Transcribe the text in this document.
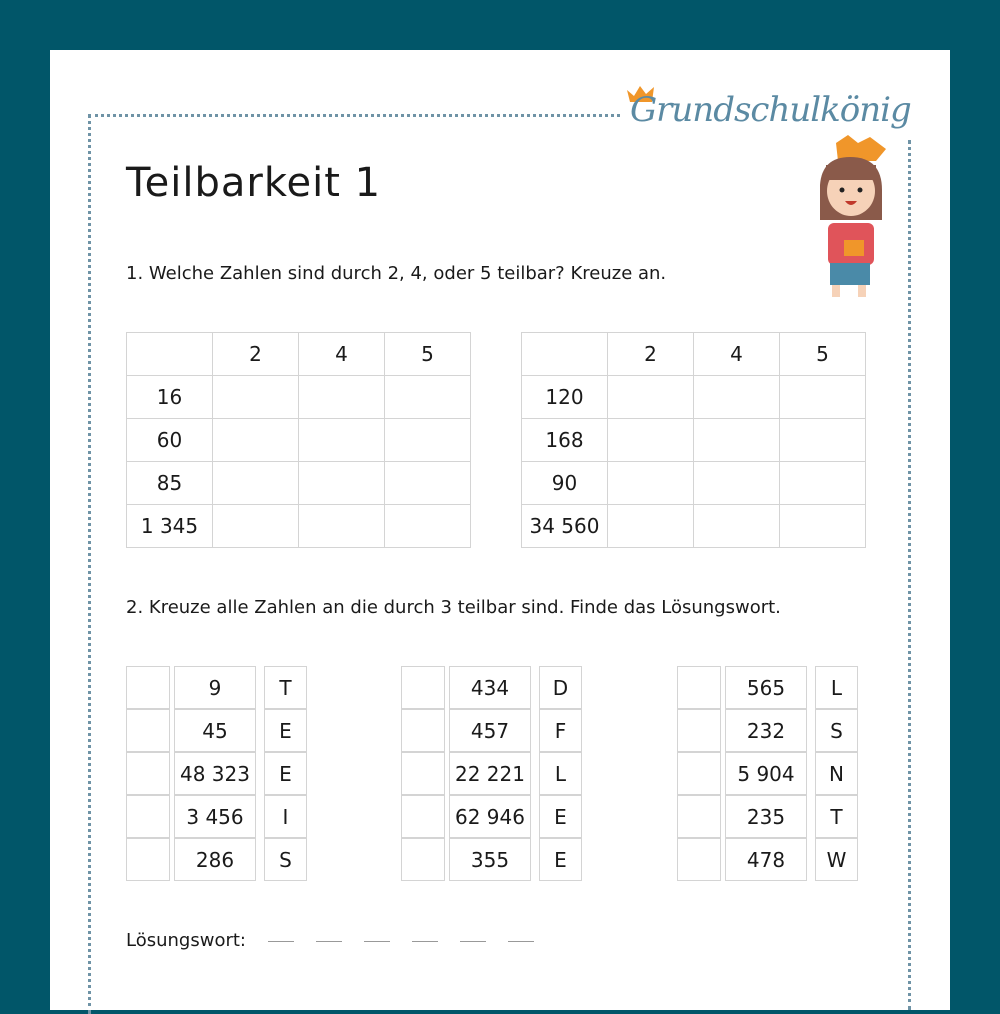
Grundschulkönig
Teilbarkeit 1
1. Welche Zahlen sind durch 2, 4, oder 5 teilbar? Kreuze an.
	2	4	5
16			
60			
85			
1 345			
	2	4	5
120			
168			
90			
34 560			
2. Kreuze alle Zahlen an die durch 3 teilbar sind. Finde das Lösungswort.
9	T
45	E
48 323	E
3 456	I
286	S
434	D
457	F
22 221	L
62 946	E
355	E
565	L
232	S
5 904	N
235	T
478	W
Lösungswort:
